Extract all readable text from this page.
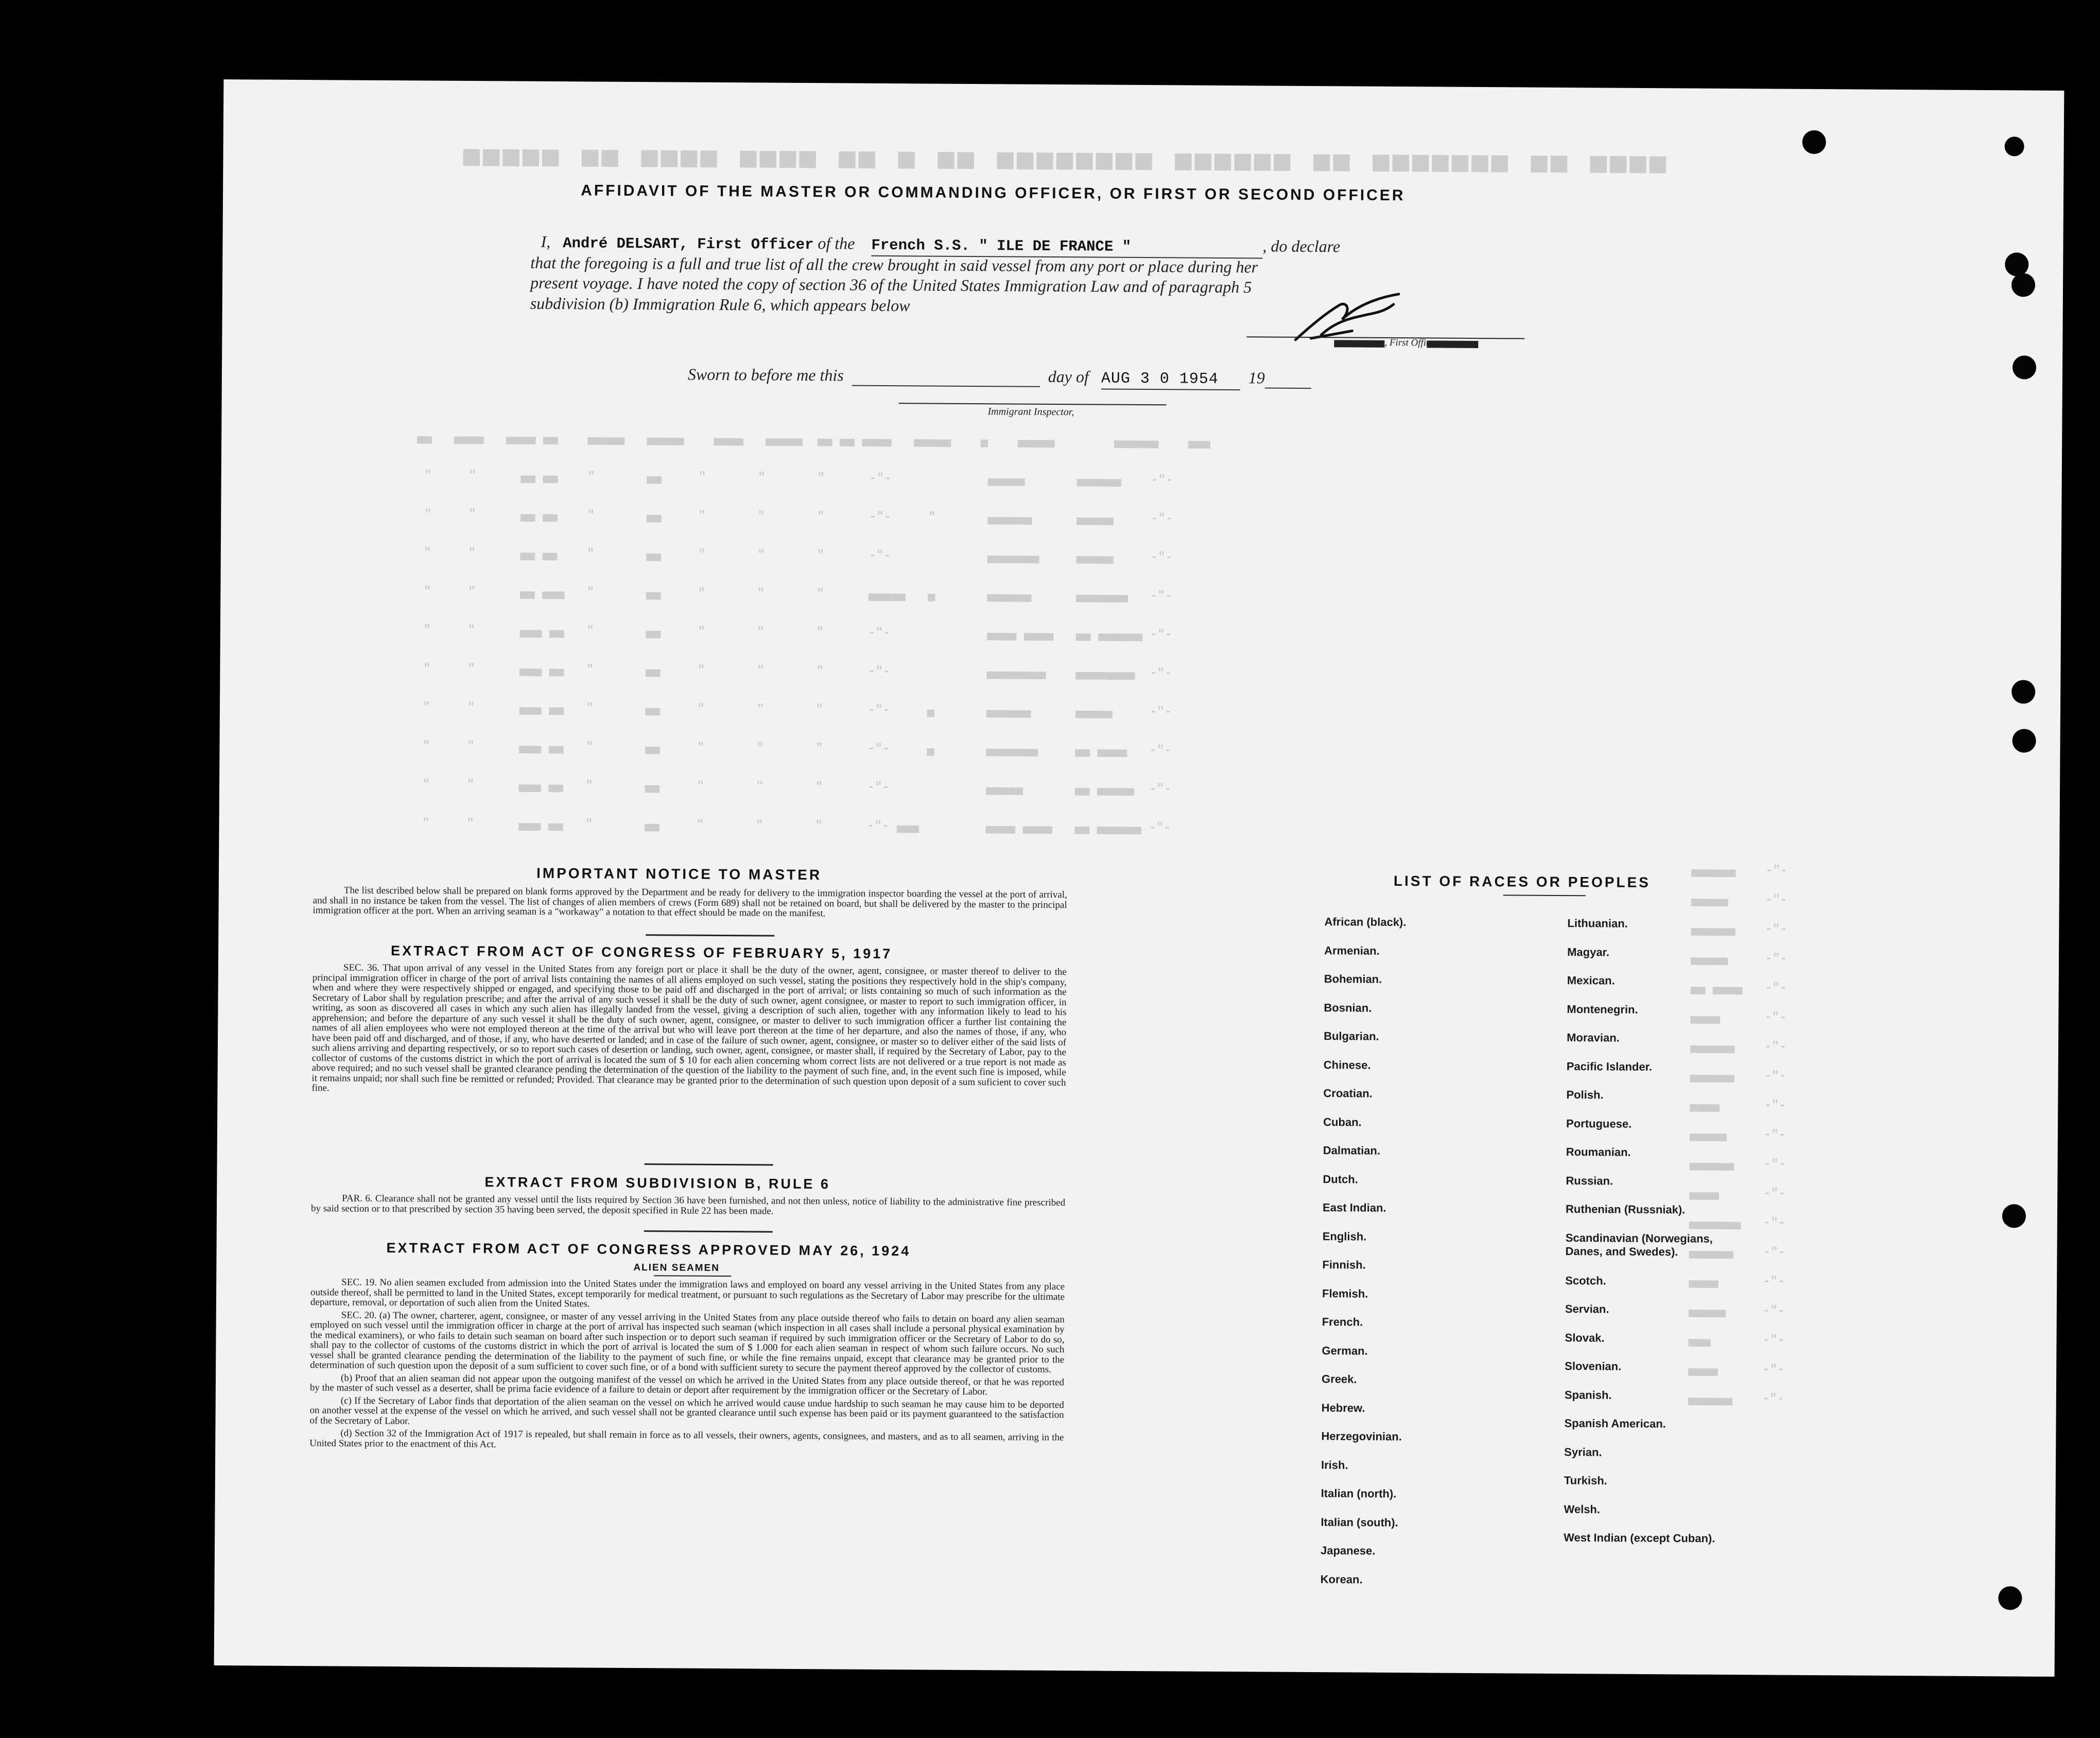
▄▄▄▄ ▄▄ ▄▄▄▄▄▄▄ ▄▄ ▄▄▄▄▄▄ ▄▄▄▄▄▄▄▄ ▄▄ ▄ ▄▄ ▄▄▄▄ ▄▄▄▄ ▄▄ ▄▄▄▄▄
▄▄   ▄▄▄▄   ▄▄▄▄ ▄▄    ▄▄▄▄▄   ▄▄▄▄▄    ▄▄▄▄   ▄▄▄▄▄  ▄▄ ▄▄ ▄▄▄▄   ▄▄▄▄▄    ▄    ▄▄▄▄▄        ▄▄▄▄▄▄    ▄▄▄
"     "      ▄▄ ▄▄    "       ▄▄     "       "       "      -"-             ▄▄▄▄▄       ▄▄▄▄▄▄    -"-
"     "      ▄▄ ▄▄    "       ▄▄     "       "       "      -"-     "       ▄▄▄▄▄▄      ▄▄▄▄▄     -"-
"     "      ▄▄ ▄▄    "       ▄▄     "       "       "      -"-             ▄▄▄▄▄▄▄     ▄▄▄▄▄     -"-
"     "      ▄▄ ▄▄▄   "       ▄▄     "       "       "      ▄▄▄▄▄   ▄       ▄▄▄▄▄▄      ▄▄▄▄▄▄▄   -"-
"     "      ▄▄▄ ▄▄   "       ▄▄     "       "       "      -"-             ▄▄▄▄ ▄▄▄▄   ▄▄ ▄▄▄▄▄▄ -"-
"     "      ▄▄▄ ▄▄   "       ▄▄     "       "       "      -"-             ▄▄▄▄▄▄▄▄    ▄▄▄▄▄▄▄▄  -"-
"     "      ▄▄▄ ▄▄   "       ▄▄     "       "       "      -"-     ▄       ▄▄▄▄▄▄      ▄▄▄▄▄     -"-
"     "      ▄▄▄ ▄▄   "       ▄▄     "       "       "      -"-     ▄       ▄▄▄▄▄▄▄     ▄▄ ▄▄▄▄   -"-
"     "      ▄▄▄ ▄▄   "       ▄▄     "       "       "      -"-             ▄▄▄▄▄       ▄▄ ▄▄▄▄▄  -"-
"     "      ▄▄▄ ▄▄   "       ▄▄     "       "       "      -"- ▄▄▄         ▄▄▄▄ ▄▄▄▄   ▄▄ ▄▄▄▄▄▄ -"-
▄▄▄▄▄▄    -"-
▄▄▄▄▄     -"-
▄▄▄▄▄▄    -"-
▄▄▄▄▄     -"-
▄▄ ▄▄▄▄   -"-
▄▄▄▄      -"-
▄▄▄▄▄▄    -"-
▄▄▄▄▄▄    -"-
▄▄▄▄      -"-
▄▄▄▄▄     -"-
▄▄▄▄▄▄    -"-
▄▄▄▄      -"-
▄▄▄▄▄▄▄   -"-
▄▄▄▄▄▄    -"-
▄▄▄▄      -"-
▄▄▄▄▄     -"-
▄▄▄       -"-
▄▄▄▄      -"-
▄▄▄▄▄▄    -"-
AFFIDAVIT OF THE MASTER OR COMMANDING OFFICER, OR FIRST OR SECOND OFFICER
I, André DELSART, First Officer of the French S.S. " ILE DE FRANCE "	, do declare
that the foregoing is a full and true list of all the crew brought in said vessel from any port or place during her
present voyage. I have noted the copy of section 36 of the United States Immigration Law and of paragraph 5
subdivision (b) Immigration Rule 6, which appears below
, First Officer,
Sworn to before me this	day of AUG 3 0 1954 19
Immigrant Inspector,
IMPORTANT NOTICE TO MASTER

The list described below shall be prepared on blank forms approved by the Department and be ready for delivery to the immigration inspector boarding the vessel at the port of arrival, and shall in no instance be taken from the vessel. The list of changes of alien members of crews (Form 689) shall not be retained on board, but shall be delivered by the master to the principal immigration officer at the port. When an arriving seaman is a "workaway" a notation to that effect should be made on the manifest.

EXTRACT FROM ACT OF CONGRESS OF FEBRUARY 5, 1917

SEC. 36. That upon arrival of any vessel in the United States from any foreign port or place it shall be the duty of the owner, agent, consignee, or master thereof to deliver to the principal immigration officer in charge of the port of arrival lists containing the names of all aliens employed on such vessel, stating the positions they respectively hold in the ship's company, when and where they were respectively shipped or engaged, and specifying those to be paid off and discharged in the port of arrival; or lists containing so much of such information as the Secretary of Labor shall by regulation prescribe; and after the arrival of any such vessel it shall be the duty of such owner, agent consignee, or master to report to such immigration officer, in writing, as soon as discovered all cases in which any such alien has illegally landed from the vessel, giving a description of such alien, together with any information likely to lead to his apprehension; and before the departure of any such vessel it shall be the duty of such owner, agent, consignee, or master to deliver to such immigration officer a further list containing the names of all alien employees who were not employed thereon at the time of the arrival but who will leave port thereon at the time of her departure, and also the names of those, if any, who have been paid off and discharged, and of those, if any, who have deserted or landed; and in case of the failure of such owner, agent, consignee, or master so to deliver either of the said lists of such aliens arriving and departing respectively, or so to report such cases of desertion or landing, such owner, agent, consignee, or master shall, if required by the Secretary of Labor, pay to the collector of customs of the customs district in which the port of arrival is located the sum of $ 10 for each alien concerning whom correct lists are not delivered or a true report is not made as above required; and no such vessel shall be granted clearance pending the determination of the question of the liability to the payment of such fine, and, in the event such fine is imposed, while it remains unpaid; nor shall such fine be remitted or refunded; Provided. That clearance may be granted prior to the determination of such question upon deposit of a sum suficient to cover such fine.

EXTRACT FROM SUBDIVISION B, RULE 6

PAR. 6. Clearance shall not be granted any vessel until the lists required by Section 36 have been furnished, and not then unless, notice of liability to the administrative fine prescribed by said section or to that prescribed by section 35 having been served, the deposit specified in Rule 22 has been made.

EXTRACT FROM ACT OF CONGRESS APPROVED MAY 26, 1924
ALIEN SEAMEN

SEC. 19. No alien seamen excluded from admission into the United States under the immigration laws and employed on board any vessel arriving in the United States from any place outside thereof, shall be permitted to land in the United States, except temporarily for medical treatment, or pursuant to such regulations as the Secretary of Labor may prescribe for the ultimate departure, removal, or deportation of such alien from the United States.

SEC. 20. (a) The owner, charterer, agent, consignee, or master of any vessel arriving in the United States from any place outside thereof who fails to detain on board any alien seaman employed on such vessel until the immigration officer in charge at the port of arrival has inspected such seaman (which inspection in all cases shall include a personal physical examination by the medical examiners), or who fails to detain such seaman on board after such inspection or to deport such seaman if required by such immigration officer or the Secretary of Labor to do so, shall pay to the collector of customs of the customs district in which the port of arrival is located the sum of $ 1.000 for each alien seaman in respect of whom such failure occurs. No such vessel shall be granted clearance pending the determination of the liability to the payment of such fine, or while the fine remains unpaid, except that clearance may be granted prior to the determination of such question upon the deposit of a sum sufficient to cover such fine, or of a bond with sufficient surety to secure the payment thereof approved by the collector of customs.

(b) Proof that an alien seaman did not appear upon the outgoing manifest of the vessel on which he arrived in the United States from any place outside thereof, or that he was reported by the master of such vessel as a deserter, shall be prima facie evidence of a failure to detain or deport after requirement by the immigration officer or the Secretary of Labor.

(c) If the Secretary of Labor finds that deportation of the alien seaman on the vessel on which he arrived would cause undue hardship to such seaman he may cause him to be deported on another vessel at the expense of the vessel on which he arrived, and such vessel shall not be granted clearance until such expense has been paid or its payment guaranteed to the satisfaction of the Secretary of Labor.

(d) Section 32 of the Immigration Act of 1917 is repealed, but shall remain in force as to all vessels, their owners, agents, consignees, and masters, and as to all seamen, arriving in the United States prior to the enactment of this Act.

LIST OF RACES OR PEOPLES
African (black).
Armenian.
Bohemian.
Bosnian.
Bulgarian.
Chinese.
Croatian.
Cuban.
Dalmatian.
Dutch.
East Indian.
English.
Finnish.
Flemish.
French.
German.
Greek.
Hebrew.
Herzegovinian.
Irish.
Italian (north).
Italian (south).
Japanese.
Korean.
Lithuanian.
Magyar.
Mexican.
Montenegrin.
Moravian.
Pacific Islander.
Polish.
Portuguese.
Roumanian.
Russian.
Ruthenian (Russniak).
Scandinavian (Norwegians, Danes, and Swedes).
Scotch.
Servian.
Slovak.
Slovenian.
Spanish.
Spanish American.
Syrian.
Turkish.
Welsh.
West Indian (except Cuban).
